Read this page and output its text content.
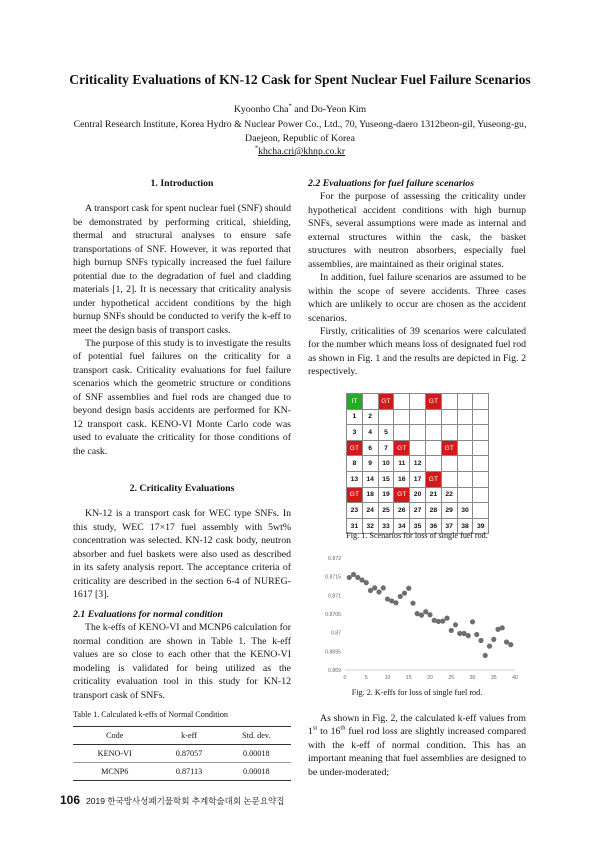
Criticality Evaluations of KN-12 Cask for Spent Nuclear Fuel Failure Scenarios
Kyoonho Cha* and Do-Yeon Kim
Central Research Institute, Korea Hydro & Nuclear Power Co., Ltd., 70, Yuseong-daero 1312beon-gil, Yuseong-gu, Daejeon, Republic of Korea
*khcha.cri@khnp.co.kr
1. Introduction

A transport cask for spent nuclear fuel (SNF) should be demonstrated by performing critical, shielding, thermal and structural analyses to ensure safe transportations of SNF. However, it was reported that high burnup SNFs typically increased the fuel failure potential due to the degradation of fuel and cladding materials [1, 2]. It is necessary that criticality analysis under hypothetical accident conditions by the high burnup SNFs should be conducted to verify the k-eff to meet the design basis of transport casks.

The purpose of this study is to investigate the results of potential fuel failures on the criticality for a transport cask. Criticality evaluations for fuel failure scenarios which the geometric structure or conditions of SNF assemblies and fuel rods are changed due to beyond design basis accidents are performed for KN-12 transport cask. KENO-VI Monte Carlo code was used to evaluate the criticality for those conditions of the cask.

2. Criticality Evaluations

KN-12 is a transport cask for WEC type SNFs. In this study, WEC 17×17 fuel assembly with 5wt% concentration was selected. KN-12 cask body, neutron absorber and fuel baskets were also used as described in its safety analysis report. The acceptance criteria of criticality are described in the section 6-4 of NUREG-1617 [3].

2.1 Evaluations for normal condition

The k-effs of KENO-VI and MCNP6 calculation for normal condition are shown in Table 1. The k-eff values are so close to each other that the KENO-VI modeling is validated for being utilized as the criticality evaluation tool in this study for KN-12 transport cask of SNFs.

Table 1. Calculated k-effs of Normal Condition
Code	k-eff	Std. dev.
KENO-VI	0.87057	0.00018
MCNP6	0.87113	0.00018
2.2 Evaluations for fuel failure scenarios

For the purpose of assessing the criticality under hypothetical accident conditions with high burnup SNFs, several assumptions were made as internal and external structures within the cask, the basket structures with neutron absorbers, especially fuel assemblies, are maintained as their original states.

In addition, fuel failure scenarios are assumed to be within the scope of severe accidents. Three cases which are unlikely to occur are chosen as the accident scenarios.

Firstly, criticalities of 39 scenarios were calculated for the number which means loss of designated fuel rod as shown in Fig. 1 and the results are depicted in Fig. 2 respectively.

IT		GT			GT			
1	2							
3	4	5						
GT	6	7	GT			GT		
8	9	10	11	12				
13	14	15	16	17	GT			
GT	18	19	GT	20	21	22		
23	24	25	26	27	28	29	30	
31	32	33	34	35	36	37	38	39
Fig. 1. Scenarios for loss of single fuel rod.
0.869
0.8695
0.87
0.8705
0.871
0.8715
0.872
0	5	10	15	20	25	30	35	40
Fig. 2. K-effs for loss of single fuel rod.

As shown in Fig. 2, the calculated k-eff values from 1st to 16th fuel rod loss are slightly increased compared with the k-eff of normal condition. This has an important meaning that fuel assemblies are designed to be under-moderated;

106 2019 한국방사성폐기물학회 추계학술대회 논문요약집
